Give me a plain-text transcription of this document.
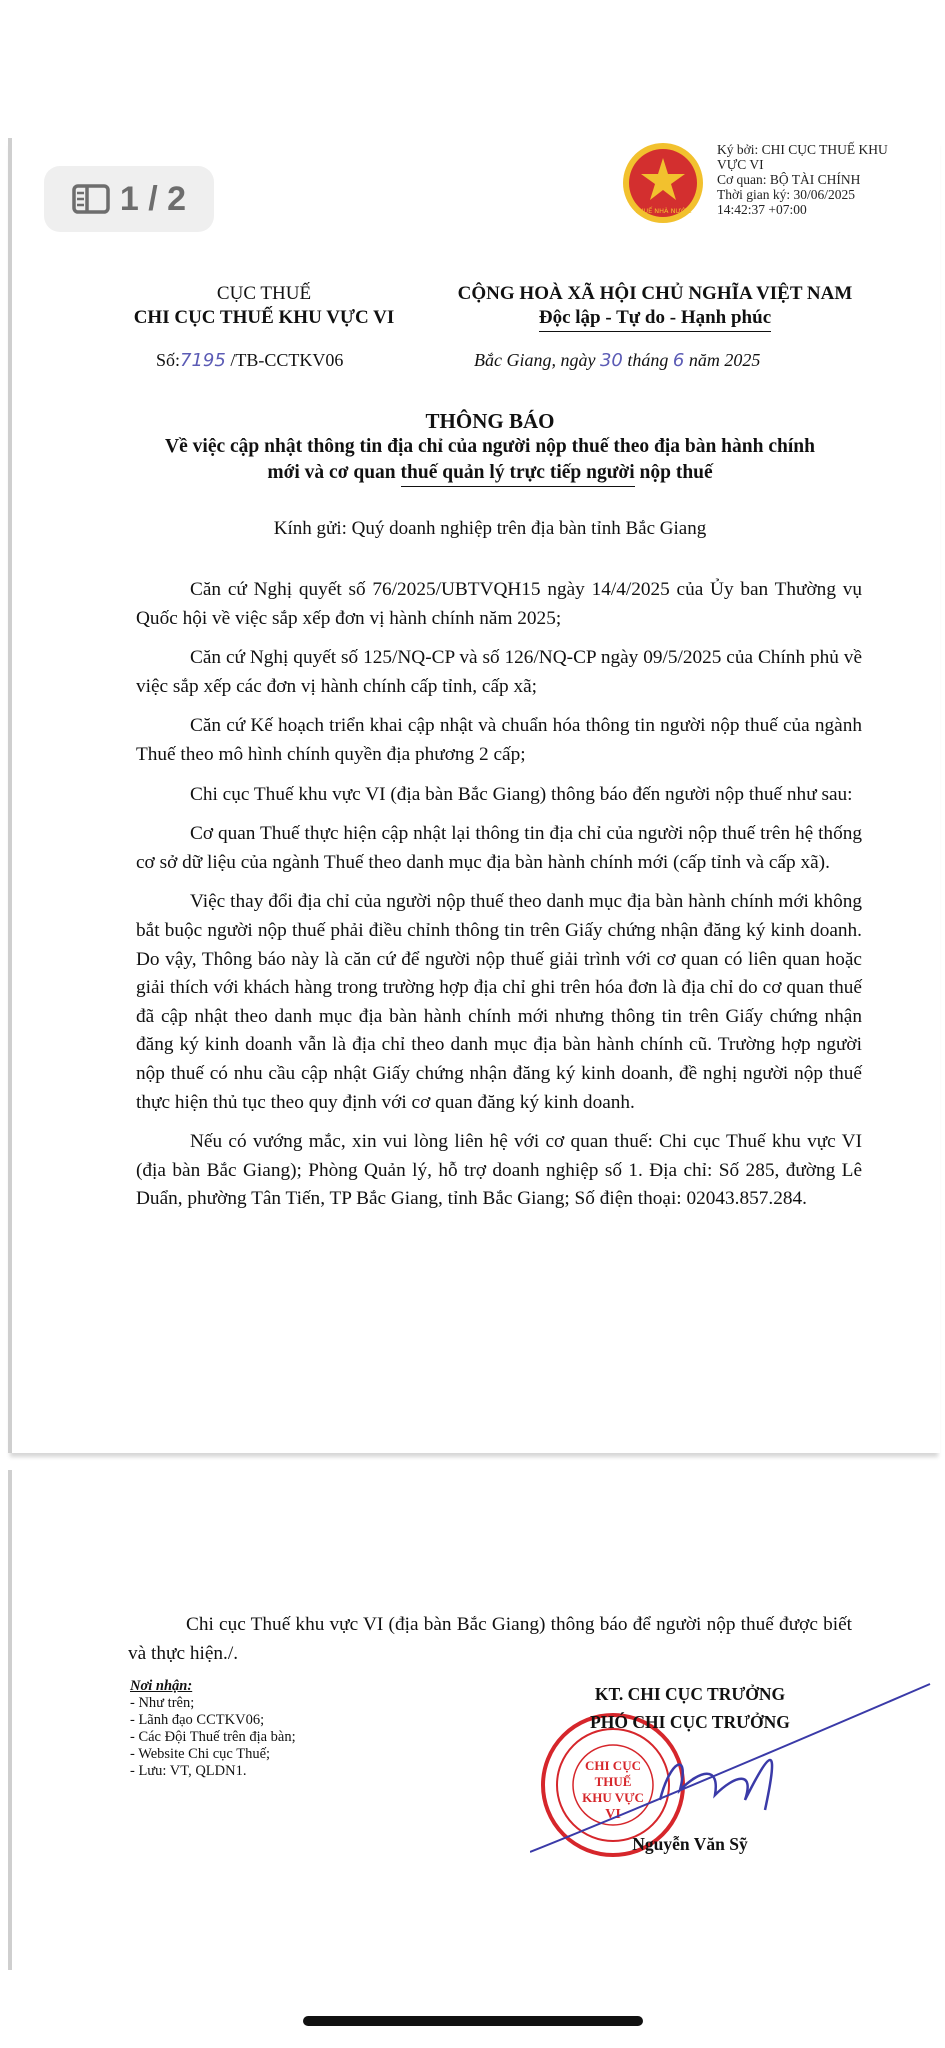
1 / 2	THUẾ NHÀ NƯỚC
Ký bởi: CHI CỤC THUẾ KHU
VỰC VI
Cơ quan: BỘ TÀI CHÍNH
Thời gian ký: 30/06/2025
14:42:37 +07:00
CỤC THUẾ
CHI CỤC THUẾ KHU VỰC VI
CỘNG HOÀ XÃ HỘI CHỦ NGHĨA VIỆT NAM
Độc lập - Tự do - Hạnh phúc
Số:7195 /TB-CCTKV06	Bắc Giang, ngày 30 tháng 6 năm 2025
THÔNG BÁO
Về việc cập nhật thông tin địa chỉ của người nộp thuế theo địa bàn hành chính
mới và cơ quan thuế quản lý trực tiếp người nộp thuế
Kính gửi: Quý doanh nghiệp trên địa bàn tỉnh Bắc Giang

Căn cứ Nghị quyết số 76/2025/UBTVQH15 ngày 14/4/2025 của Ủy ban Thường vụ Quốc hội về việc sắp xếp đơn vị hành chính năm 2025;

Căn cứ Nghị quyết số 125/NQ-CP và số 126/NQ-CP ngày 09/5/2025 của Chính phủ về việc sắp xếp các đơn vị hành chính cấp tỉnh, cấp xã;

Căn cứ Kế hoạch triển khai cập nhật và chuẩn hóa thông tin người nộp thuế của ngành Thuế theo mô hình chính quyền địa phương 2 cấp;

Chi cục Thuế khu vực VI (địa bàn Bắc Giang) thông báo đến người nộp thuế như sau:

Cơ quan Thuế thực hiện cập nhật lại thông tin địa chỉ của người nộp thuế trên hệ thống cơ sở dữ liệu của ngành Thuế theo danh mục địa bàn hành chính mới (cấp tỉnh và cấp xã).

Việc thay đổi địa chỉ của người nộp thuế theo danh mục địa bàn hành chính mới không bắt buộc người nộp thuế phải điều chỉnh thông tin trên Giấy chứng nhận đăng ký kinh doanh. Do vậy, Thông báo này là căn cứ để người nộp thuế giải trình với cơ quan có liên quan hoặc giải thích với khách hàng trong trường hợp địa chỉ ghi trên hóa đơn là địa chỉ do cơ quan thuế đã cập nhật theo danh mục địa bàn hành chính mới nhưng thông tin trên Giấy chứng nhận đăng ký kinh doanh vẫn là địa chỉ theo danh mục địa bàn hành chính cũ. Trường hợp người nộp thuế có nhu cầu cập nhật Giấy chứng nhận đăng ký kinh doanh, đề nghị người nộp thuế thực hiện thủ tục theo quy định với cơ quan đăng ký kinh doanh.

Nếu có vướng mắc, xin vui lòng liên hệ với cơ quan thuế: Chi cục Thuế khu vực VI (địa bàn Bắc Giang); Phòng Quản lý, hỗ trợ doanh nghiệp số 1. Địa chỉ: Số 285, đường Lê Duẩn, phường Tân Tiến, TP Bắc Giang, tỉnh Bắc Giang; Số điện thoại: 02043.857.284.

Chi cục Thuế khu vực VI (địa bàn Bắc Giang) thông báo để người nộp thuế được biết và thực hiện./.

Nơi nhận:
- Như trên;
- Lãnh đạo CCTKV06;
- Các Đội Thuế trên địa bàn;
- Website Chi cục Thuế;
- Lưu: VT, QLDN1.	CHI CỤC
THUẾ
KHU VỰC
VI
KT. CHI CỤC TRƯỞNG
PHÓ CHI CỤC TRƯỞNG
Nguyễn Văn Sỹ
